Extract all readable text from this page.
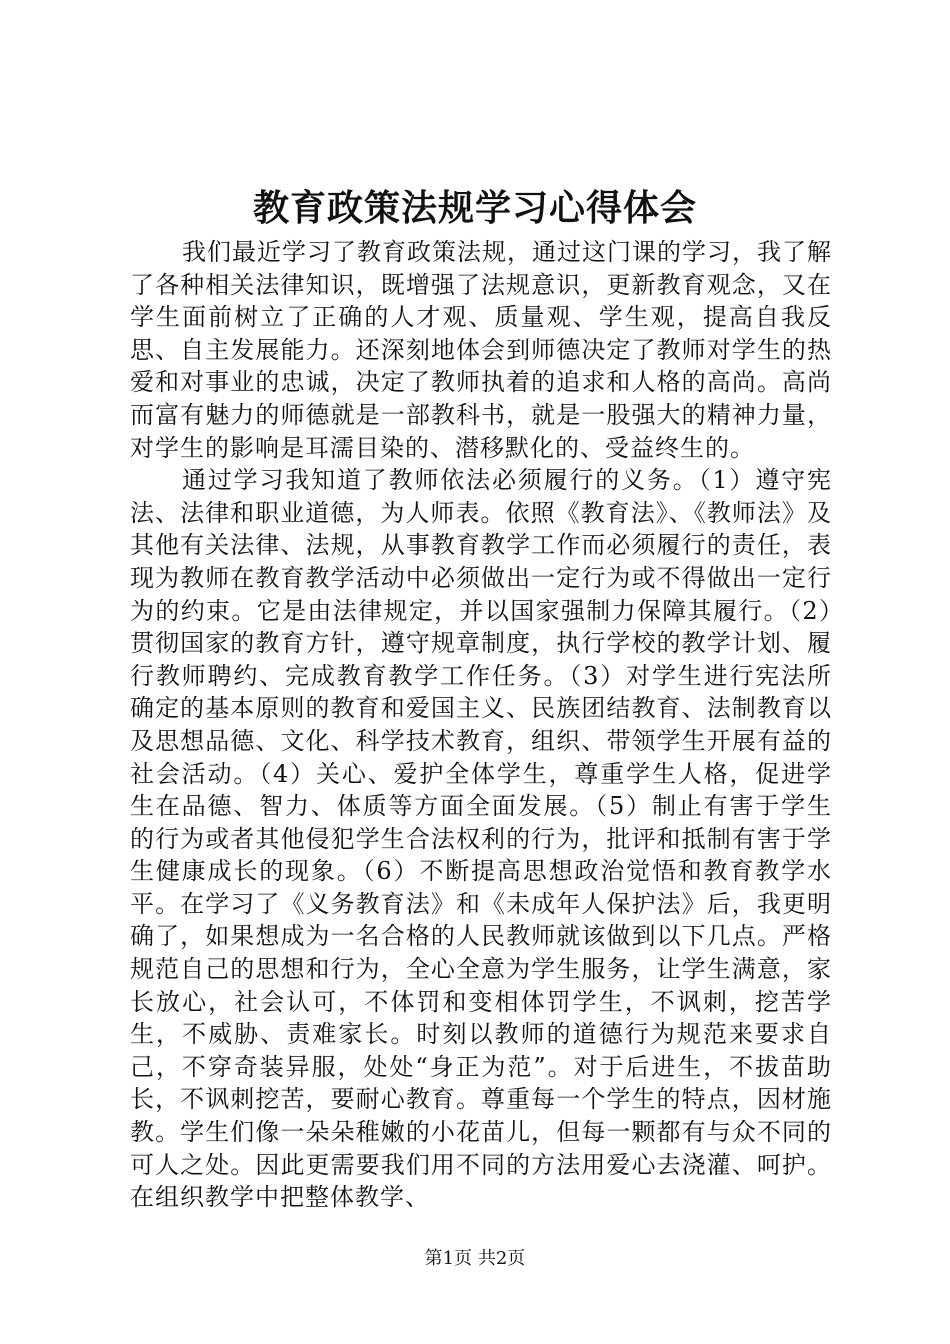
教育政策法规学习心得体会

我们最近学习了教育政策法规，通过这门课的学习，我了解了各种相关法律知识，既增强了法规意识，更新教育观念，又在学生面前树立了正确的人才观、质量观、学生观，提高自我反思、自主发展能力。还深刻地体会到师德决定了教师对学生的热爱和对事业的忠诚，决定了教师执着的追求和人格的高尚。高尚而富有魅力的师德就是一部教科书，就是一股强大的精神力量，对学生的影响是耳濡目染的、潜移默化的、受益终生的。

通过学习我知道了教师依法必须履行的义务。（1）遵守宪法、法律和职业道德，为人师表。依照《教育法》、《教师法》及其他有关法律、法规，从事教育教学工作而必须履行的责任，表现为教师在教育教学活动中必须做出一定行为或不得做出一定行为的约束。它是由法律规定，并以国家强制力保障其履行。（2）贯彻国家的教育方针，遵守规章制度，执行学校的教学计划、履行教师聘约、完成教育教学工作任务。（3）对学生进行宪法所确定的基本原则的教育和爱国主义、民族团结教育、法制教育以及思想品德、文化、科学技术教育，组织、带领学生开展有益的社会活动。（4）关心、爱护全体学生，尊重学生人格，促进学生在品德、智力、体质等方面全面发展。（5）制止有害于学生的行为或者其他侵犯学生合法权利的行为，批评和抵制有害于学生健康成长的现象。（6）不断提高思想政治觉悟和教育教学水平。在学习了《义务教育法》和《未成年人保护法》后，我更明确了，如果想成为一名合格的人民教师就该做到以下几点。严格规范自己的思想和行为，全心全意为学生服务，让学生满意，家长放心，社会认可，不体罚和变相体罚学生，不讽刺，挖苦学生，不威胁、责难家长。时刻以教师的道德行为规范来要求自己，不穿奇装异服，处处“身正为范”。对于后进生，不拔苗助长，不讽刺挖苦，要耐心教育。尊重每一个学生的特点，因材施教。学生们像一朵朵稚嫩的小花苗儿，但每一颗都有与众不同的可人之处。因此更需要我们用不同的方法用爱心去浇灌、呵护。在组织教学中把整体教学、

第1页 共2页
